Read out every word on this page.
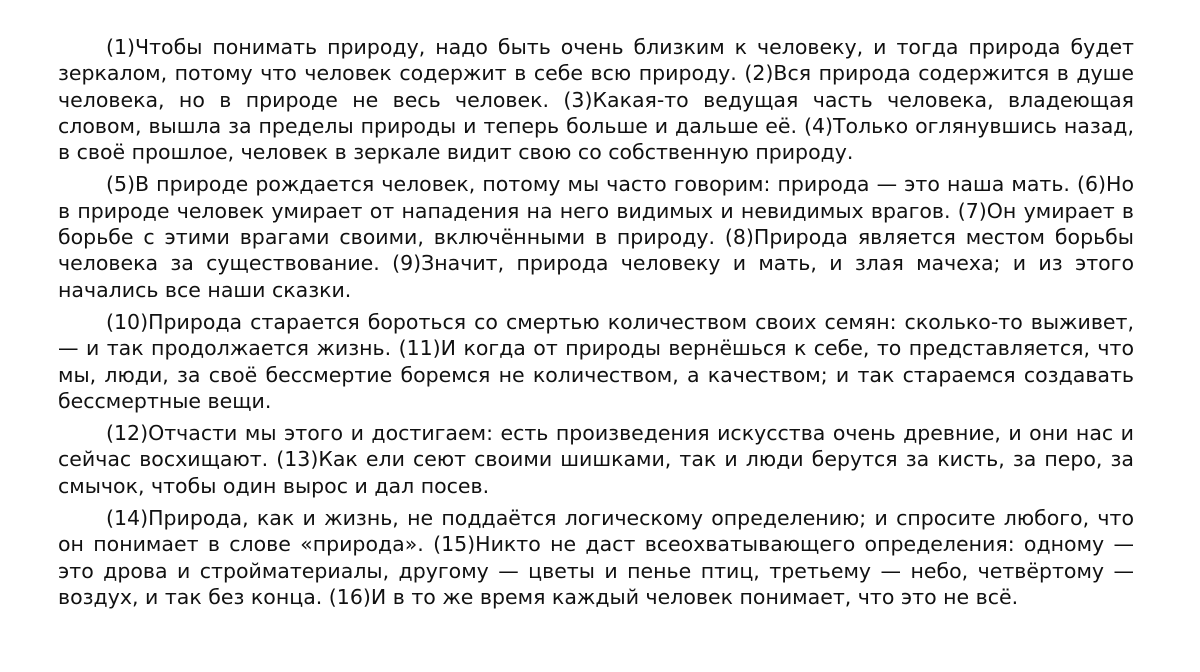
(1)Чтобы понимать природу, надо быть очень близким к человеку, и тогда природа будет зеркалом, потому что человек содержит в себе всю природу. (2)Вся природа содержится в душе человека, но в природе не весь человек. (3)Какая-то ведущая часть человека, владеющая словом, вышла за пределы природы и теперь больше и дальше её. (4)Только оглянувшись назад, в своё прошлое, человек в зеркале видит свою со собственную природу.

(5)В природе рождается человек, потому мы часто говорим: природа — это наша мать. (6)Но в природе человек умирает от нападения на него видимых и невидимых врагов. (7)Он умирает в борьбе с этими врагами своими, включёнными в природу. (8)Природа является местом борьбы человека за существование. (9)Значит, природа человеку и мать, и злая мачеха; и из этого начались все наши сказки.

(10)Природа старается бороться со смертью количеством своих семян: сколько-то выживет, — и так продолжается жизнь. (11)И когда от природы вернёшься к себе, то представляется, что мы, люди, за своё бессмертие боремся не количеством, а качеством; и так стараемся создавать бессмертные вещи.

(12)Отчасти мы этого и достигаем: есть произведения искусства очень древние, и они нас и сейчас восхищают. (13)Как ели сеют своими шишками, так и люди берутся за кисть, за перо, за смычок, чтобы один вырос и дал посев.

(14)Природа, как и жизнь, не поддаётся логическому определению; и спросите любого, что он понимает в слове «природа». (15)Никто не даст всеохватывающего определения: одному — это дрова и стройматериалы, другому — цветы и пенье птиц, третьему — небо, четвёртому — воздух, и так без конца. (16)И в то же время каждый человек понимает, что это не всё.
